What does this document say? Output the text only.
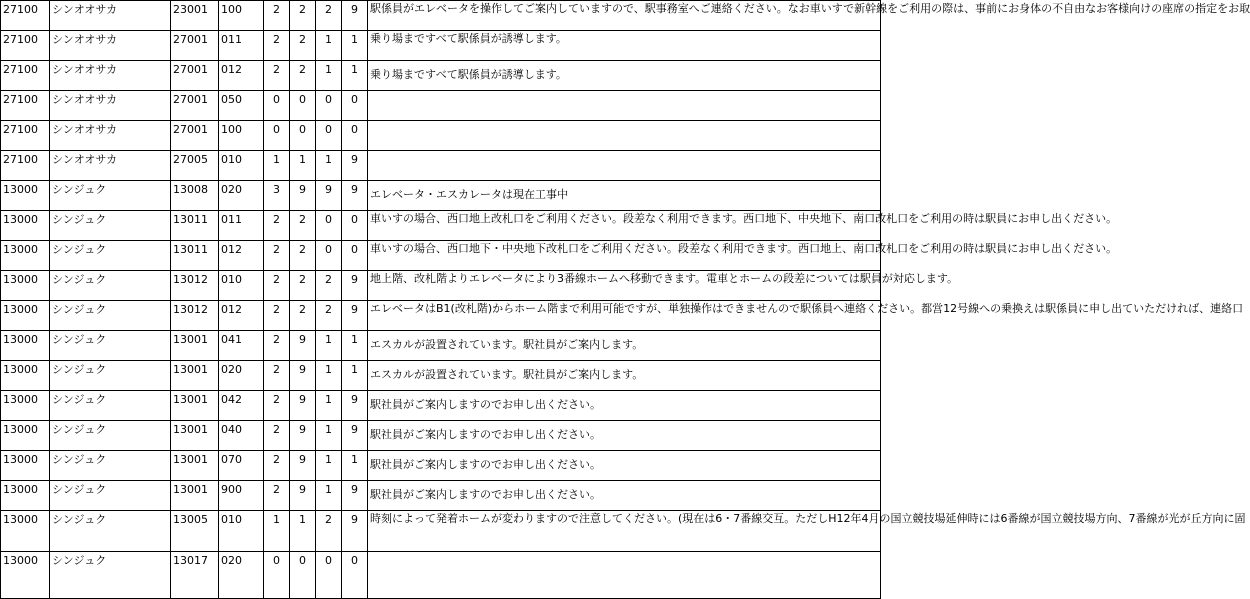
27100	シンオオサカ	23001	100	2	2	2	9	駅係員がエレベータを操作してご案内していますので、駅事務室へご連絡ください。なお車いすで新幹線をご利用の際は、事前にお身体の不自由なお客様向けの座席の指定をお取

27100	シンオオサカ	27001	011	2	2	1	1	乗り場まですべて駅係員が誘導します。

27100	シンオオサカ	27001	012	2	2	1	1	乗り場まですべて駅係員が誘導します。

27100	シンオオサカ	27001	050	0	0	0	0	

27100	シンオオサカ	27001	100	0	0	0	0	

27100	シンオオサカ	27005	010	1	1	1	9	

13000	シンジュク	13008	020	3	9	9	9	エレベータ・エスカレータは現在工事中

13000	シンジュク	13011	011	2	2	0	0	車いすの場合、西口地上改札口をご利用ください。段差なく利用できます。西口地下、中央地下、南口改札口をご利用の時は駅員にお申し出ください。

13000	シンジュク	13011	012	2	2	0	0	車いすの場合、西口地下・中央地下改札口をご利用ください。段差なく利用できます。西口地上、南口改札口をご利用の時は駅員にお申し出ください。

13000	シンジュク	13012	010	2	2	2	9	地上階、改札階よりエレベータにより3番線ホームへ移動できます。電車とホームの段差については駅員が対応します。

13000	シンジュク	13012	012	2	2	2	9	エレベータはB1(改札階)からホーム階まで利用可能ですが、単独操作はできませんので駅係員へ連絡ください。都営12号線への乗換えは駅係員に申し出ていただければ、連絡口

13000	シンジュク	13001	041	2	9	1	1	エスカルが設置されています。駅社員がご案内します。

13000	シンジュク	13001	020	2	9	1	1	エスカルが設置されています。駅社員がご案内します。

13000	シンジュク	13001	042	2	9	1	9	駅社員がご案内しますのでお申し出ください。

13000	シンジュク	13001	040	2	9	1	9	駅社員がご案内しますのでお申し出ください。

13000	シンジュク	13001	070	2	9	1	1	駅社員がご案内しますのでお申し出ください。

13000	シンジュク	13001	900	2	9	1	9	駅社員がご案内しますのでお申し出ください。

13000	シンジュク	13005	010	1	1	2	9	時刻によって発着ホームが変わりますので注意してください。(現在は6・7番線交互。ただしH12年4月の国立競技場延伸時には6番線が国立競技場方向、7番線が光が丘方向に固

13000	シンジュク	13017	020	0	0	0	0	
